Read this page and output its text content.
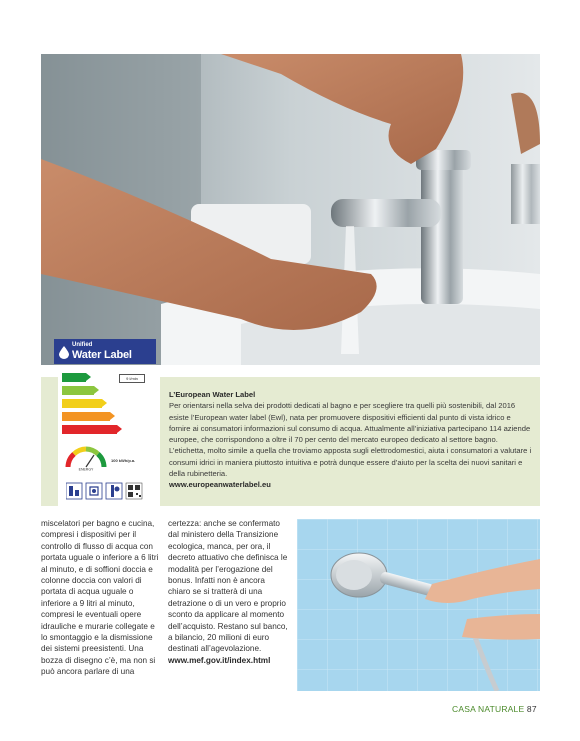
Unified
Water Label
9 l/min
ENERGY
100 kWh/p.a.
L’European Water Label
Per orientarsi nella selva dei prodotti dedicati al bagno e per scegliere tra quelli più sostenibili, dal 2016 esiste l’European water label (Ewl), nata per promuovere dispositivi efficienti dal punto di vista idrico e fornire ai consumatori informazioni sul consumo di acqua. Attualmente all’iniziativa partecipano 114 aziende europee, che corrispondono a oltre il 70 per cento del mercato europeo dedicato al settore bagno. L’etichetta, molto simile a quella che troviamo apposta sugli elettrodomestici, aiuta i consumatori a valutare i consumi idrici in maniera piuttosto intuitiva e potrà dunque essere d’aiuto per la scelta dei nuovi sanitari e della rubinetteria.
www.europeanwaterlabel.eu
miscelatori per bagno e cucina, compresi i dispositivi per il controllo di flusso di acqua con portata uguale o inferiore a 6 litri al minuto, e di soffioni doccia e colonne doccia con valori di portata di acqua uguale o inferiore a 9 litri al minuto, compresi le eventuali opere idrauliche e murarie collegate e lo smontaggio e la dismissione dei sistemi preesistenti. Una bozza di disegno c’è, ma non si può ancora parlare di una
certezza: anche se confermato dal ministero della Transizione ecologica, manca, per ora, il decreto attuativo che definisca le modalità per l’erogazione del bonus. Infatti non è ancora chiaro se si tratterà di una detrazione o di un vero e proprio sconto da applicare al momento dell’acquisto. Restano sul banco, a bilancio, 20 milioni di euro destinati all’agevolazione.
www.mef.gov.it/index.html
CASA NATURALE 87
